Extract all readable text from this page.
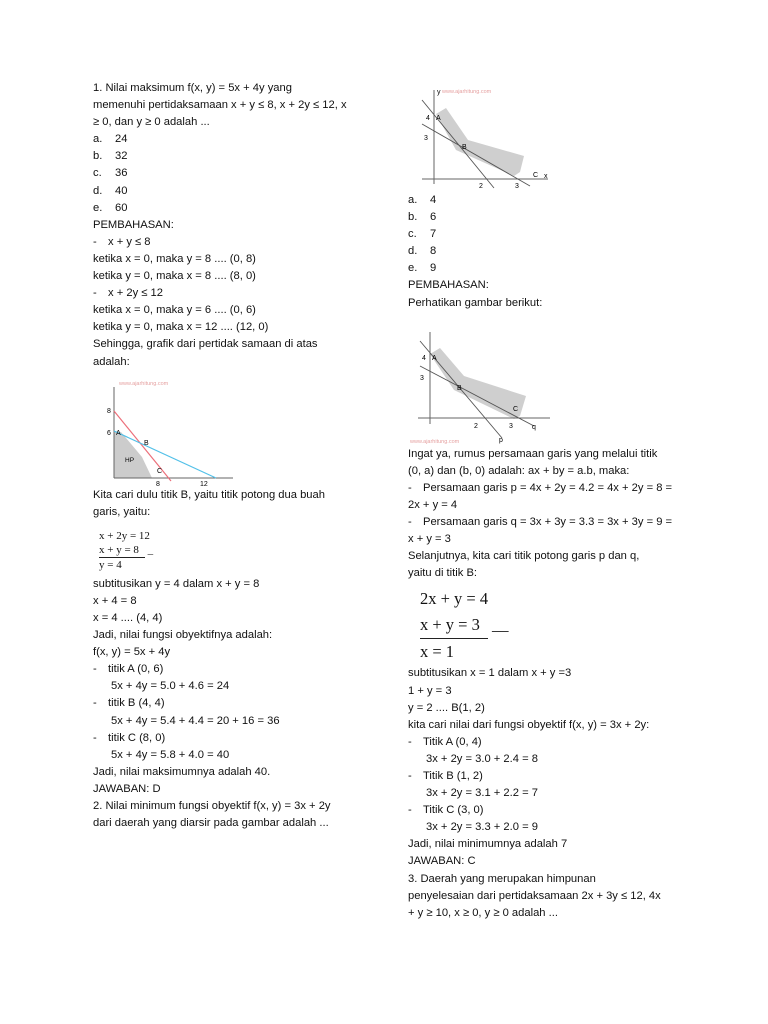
1. Nilai maksimum f(x, y) = 5x + 4y yang
memenuhi pertidaksamaan x + y ≤ 8, x + 2y ≤ 12, x
≥ 0, dan y ≥ 0 adalah ...
a. 24
b. 32
c. 36
d. 40
e. 60
PEMBAHASAN:
- x + y ≤ 8
ketika x = 0, maka y = 8 .... (0, 8)
ketika y = 0, maka x = 8 .... (8, 0)
- x + 2y ≤ 12
ketika x = 0, maka y = 6 .... (0, 6)
ketika y = 0, maka x = 12 .... (12, 0)
Sehingga, grafik dari pertidak samaan di atas
adalah:
www.ajarhitung.com
8
6 A
B
HP
C
8	12
Kita cari dulu titik B, yaitu titik potong dua buah
garis, yaitu:
x + 2y = 12
x + y = 8 _
y = 4
subtitusikan y = 4 dalam x + y = 8
x + 4 = 8
x = 4 .... (4, 4)
Jadi, nilai fungsi obyektifnya adalah:
f(x, y) = 5x + 4y
- titik A (0, 6)
5x + 4y = 5.0 + 4.6 = 24
- titik B (4, 4)
5x + 4y = 5.4 + 4.4 = 20 + 16 = 36
- titik C (8, 0)
5x + 4y = 5.8 + 4.0 = 40
Jadi, nilai maksimumnya adalah 40.
JAWABAN: D
2. Nilai minimum fungsi obyektif f(x, y) = 3x + 2y
dari daerah yang diarsir pada gambar adalah ...
www.ajarhitung.com
y
x
4 A
3
B
C
2	3
a. 4
b. 6
c. 7
d. 8
e. 9
PEMBAHASAN:
Perhatikan gambar berikut:
4 A
3
B
C
2	3	q
p
www.ajarhitung.com
Ingat ya, rumus persamaan garis yang melalui titik
(0, a) dan (b, 0) adalah: ax + by = a.b, maka:
- Persamaan garis p = 4x + 2y = 4.2 = 4x + 2y = 8 =
2x + y = 4
- Persamaan garis q = 3x + 3y = 3.3 = 3x + 3y = 9 =
x + y = 3
Selanjutnya, kita cari titik potong garis p dan q,
yaitu di titik B:
2x + y = 4
x + y = 3 __
x = 1
subtitusikan x = 1 dalam x + y =3
1 + y = 3
y = 2 .... B(1, 2)
kita cari nilai dari fungsi obyektif f(x, y) = 3x + 2y:
- Titik A (0, 4)
3x + 2y = 3.0 + 2.4 = 8
- Titik B (1, 2)
3x + 2y = 3.1 + 2.2 = 7
- Titik C (3, 0)
3x + 2y = 3.3 + 2.0 = 9
Jadi, nilai minimumnya adalah 7
JAWABAN: C
3. Daerah yang merupakan himpunan
penyelesaian dari pertidaksamaan 2x + 3y ≤ 12, 4x
+ y ≥ 10, x ≥ 0, y ≥ 0 adalah ...
